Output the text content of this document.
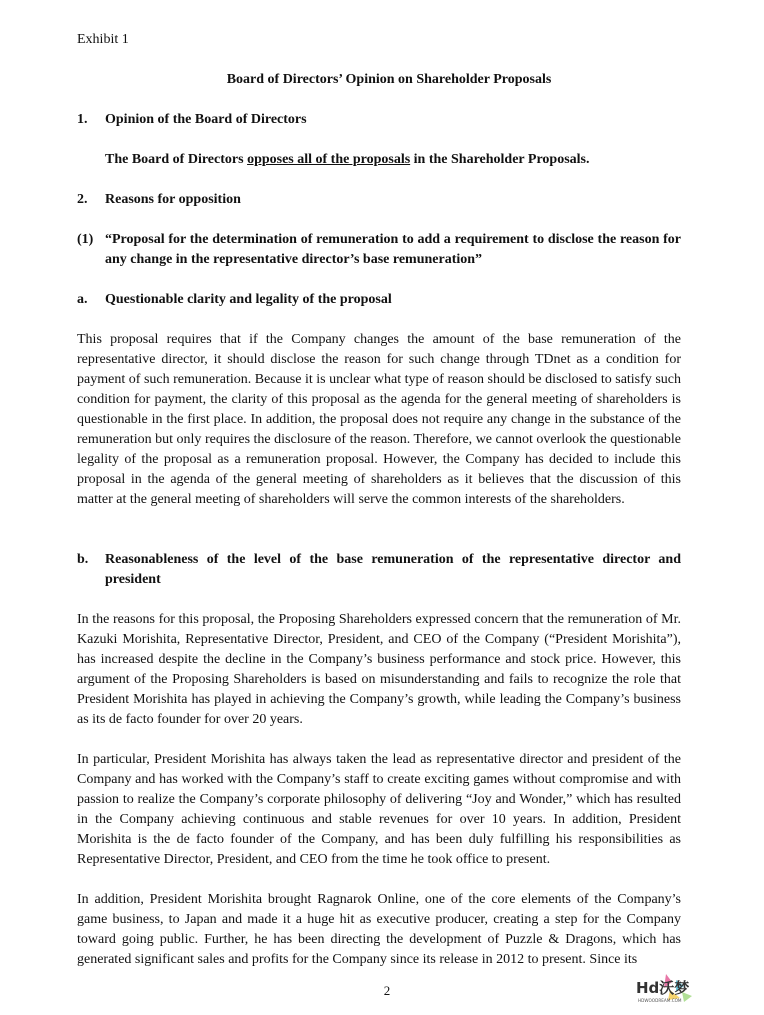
Exhibit 1
Board of Directors’ Opinion on Shareholder Proposals
1. Opinion of the Board of Directors
The Board of Directors opposes all of the proposals in the Shareholder Proposals.
2. Reasons for opposition
(1) “Proposal for the determination of remuneration to add a requirement to disclose the reason for any change in the representative director’s base remuneration”
a. Questionable clarity and legality of the proposal
This proposal requires that if the Company changes the amount of the base remuneration of the representative director, it should disclose the reason for such change through TDnet as a condition for payment of such remuneration. Because it is unclear what type of reason should be disclosed to satisfy such condition for payment, the clarity of this proposal as the agenda for the general meeting of shareholders is questionable in the first place. In addition, the proposal does not require any change in the substance of the remuneration but only requires the disclosure of the reason. Therefore, we cannot overlook the questionable legality of the proposal as a remuneration proposal. However, the Company has decided to include this proposal in the agenda of the general meeting of shareholders as it believes that the discussion of this matter at the general meeting of shareholders will serve the common interests of the shareholders.
b. Reasonableness of the level of the base remuneration of the representative director and president
In the reasons for this proposal, the Proposing Shareholders expressed concern that the remuneration of Mr. Kazuki Morishita, Representative Director, President, and CEO of the Company (“President Morishita”), has increased despite the decline in the Company’s business performance and stock price. However, this argument of the Proposing Shareholders is based on misunderstanding and fails to recognize the role that President Morishita has played in achieving the Company’s growth, while leading the Company’s business as its de facto founder for over 20 years.
In particular, President Morishita has always taken the lead as representative director and president of the Company and has worked with the Company’s staff to create exciting games without compromise and with passion to realize the Company’s corporate philosophy of delivering “Joy and Wonder,” which has resulted in the Company achieving continuous and stable revenues for over 10 years. In addition, President Morishita is the de facto founder of the Company, and has been duly fulfilling his responsibilities as Representative Director, President, and CEO from the time he took office to present.
In addition, President Morishita brought Ragnarok Online, one of the core elements of the Company’s game business, to Japan and made it a huge hit as executive producer, creating a step for the Company toward going public. Further, he has been directing the development of Puzzle & Dragons, which has generated significant sales and profits for the Company since its release in 2012 to present. Since its
2	Hd沃梦
HDWOODREAM.COM
